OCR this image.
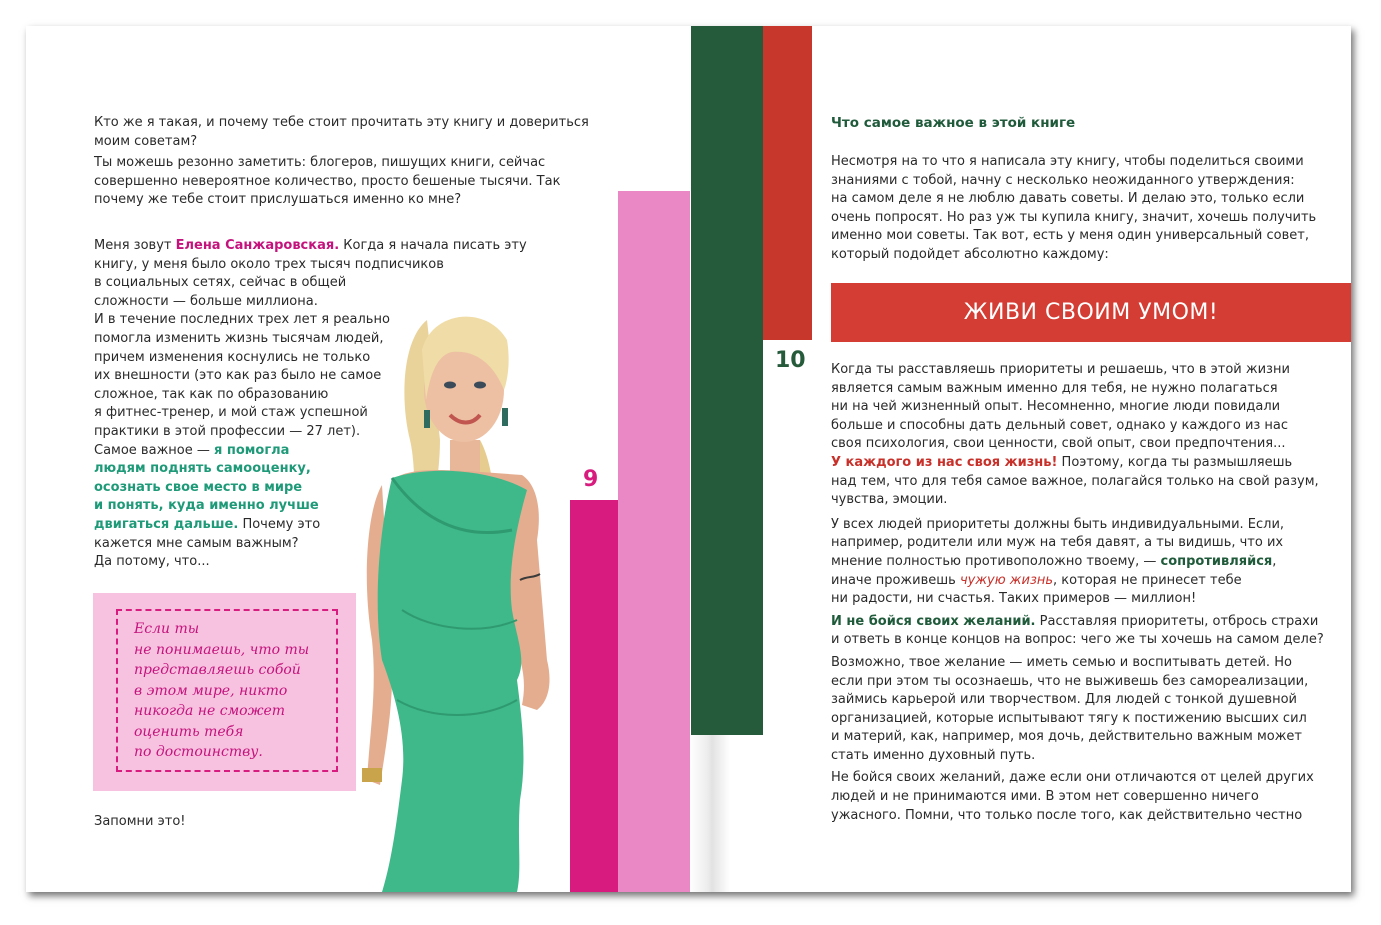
Кто же я такая, и почему тебе стоит прочитать эту книгу и довериться

моим советам?

Ты можешь резонно заметить: блогеров, пишущих книги, сейчас

совершенно невероятное количество, просто бешеные тысячи. Так

почему же тебе стоит прислушаться именно ко мне?

9

Меня зовут Елена Санжаровская. Когда я начала писать эту

книгу, у меня было около трех тысяч подписчиков

в социальных сетях, сейчас в общей

сложности — больше миллиона.

И в течение последних трех лет я реально

помогла изменить жизнь тысячам людей,

причем изменения коснулись не только

их внешности (это как раз было не самое

сложное, так как по образованию

я фитнес-тренер, и мой стаж успешной

практики в этой профессии — 27 лет).

Самое важное — я помогла

людям поднять самооценку,

осознать свое место в мире

и понять, куда именно лучше

двигаться дальше. Почему это

кажется мне самым важным?

Да потому, что...

Если ты
не понимаешь, что ты
представляешь собой
в этом мире, никто
никогда не сможет
оценить тебя
по достоинству.
Запомни это!
10
Что самое важное в этой книге

Несмотря на то что я написала эту книгу, чтобы поделиться своими

знаниями с тобой, начну с несколько неожиданного утверждения:

на самом деле я не люблю давать советы. И делаю это, только если

очень попросят. Но раз уж ты купила книгу, значит, хочешь получить

именно мои советы. Так вот, есть у меня один универсальный совет,

который подойдет абсолютно каждому:

ЖИВИ СВОИМ УМОМ!

Когда ты расставляешь приоритеты и решаешь, что в этой жизни

является самым важным именно для тебя, не нужно полагаться

ни на чей жизненный опыт. Несомненно, многие люди повидали

больше и способны дать дельный совет, однако у каждого из нас

своя психология, свои ценности, свой опыт, свои предпочтения...

У каждого из нас своя жизнь! Поэтому, когда ты размышляешь

над тем, что для тебя самое важное, полагайся только на свой разум,

чувства, эмоции.

У всех людей приоритеты должны быть индивидуальными. Если,

например, родители или муж на тебя давят, а ты видишь, что их

мнение полностью противоположно твоему, — сопротивляйся,

иначе проживешь чужую жизнь, которая не принесет тебе

ни радости, ни счастья. Таких примеров — миллион!

И не бойся своих желаний. Расставляя приоритеты, отбрось страхи

и ответь в конце концов на вопрос: чего же ты хочешь на самом деле?

Возможно, твое желание — иметь семью и воспитывать детей. Но

если при этом ты осознаешь, что не выживешь без самореализации,

займись карьерой или творчеством. Для людей с тонкой душевной

организацией, которые испытывают тягу к постижению высших сил

и материй, как, например, моя дочь, действительно важным может

стать именно духовный путь.

Не бойся своих желаний, даже если они отличаются от целей других

людей и не принимаются ими. В этом нет совершенно ничего

ужасного. Помни, что только после того, как действительно честно
